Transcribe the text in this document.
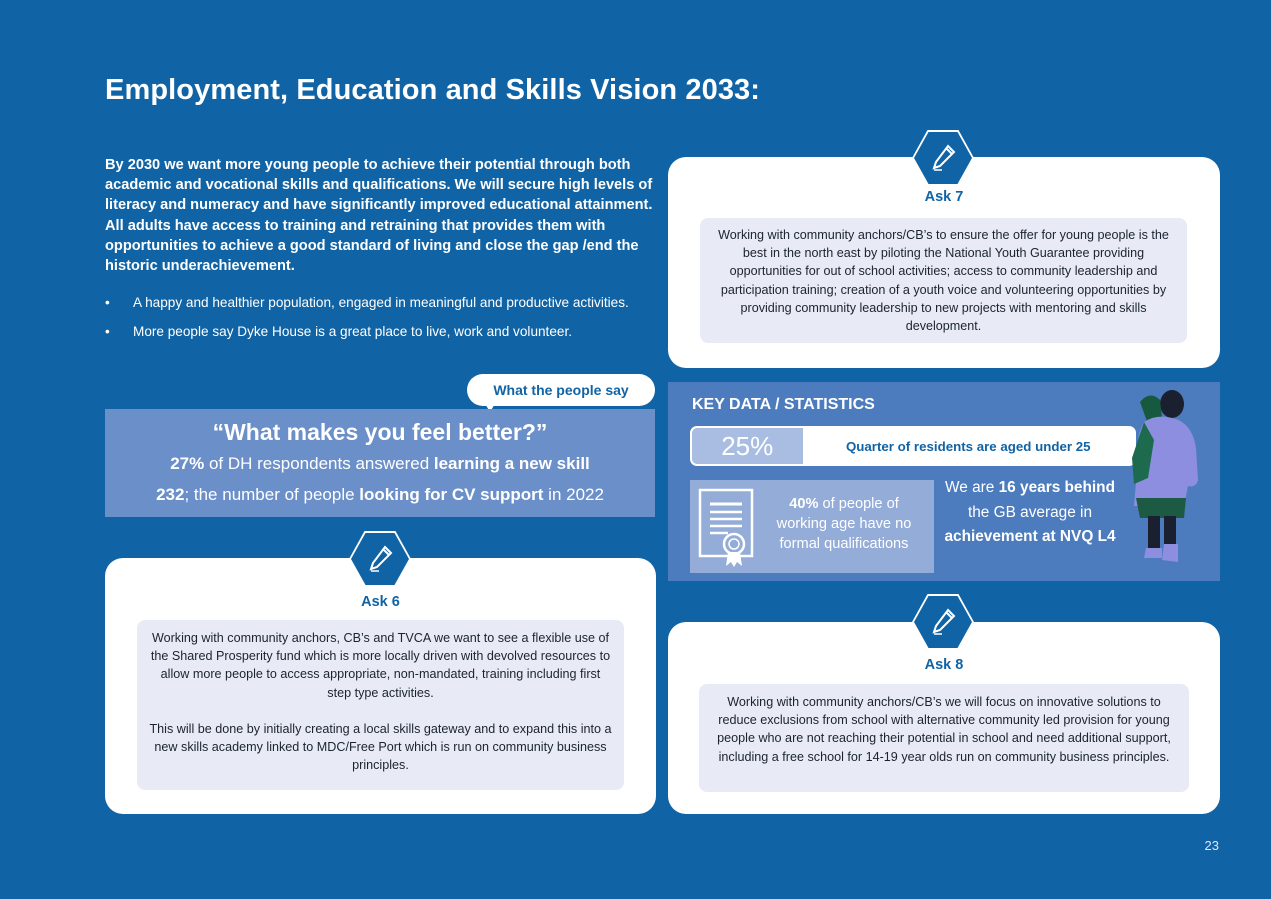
Employment, Education and Skills Vision 2033:

By 2030 we want more young people to achieve their potential through both academic and vocational skills and qualifications. We will secure high levels of literacy and numeracy and have significantly improved educational attainment. All adults have access to training and retraining that provides them with opportunities to achieve a good standard of living and close the gap /end the historic underachievement.

• A happy and healthier population, engaged in meaningful and productive activities.
• More people say Dyke House is a great place to live, work and volunteer.
Ask 7
Working with community anchors/CB’s to ensure the offer for young people is the best in the north east by piloting the National Youth Guarantee providing opportunities for out of school activities; access to community leadership and participation training; creation of a youth voice and volunteering opportunities by providing community leadership to new projects with mentoring and skills development.
What the people say
“What makes you feel better?”
27% of DH respondents answered learning a new skill
232; the number of people looking for CV support in 2022
KEY DATA / STATISTICS
25%	Quarter of residents are aged under 25
40% of people of working age have no formal qualifications
We are 16 years behind the GB average in achievement at NVQ L4
Ask 6
Working with community anchors, CB’s and TVCA we want to see a flexible use of the Shared Prosperity fund which is more locally driven with devolved resources to allow more people to access appropriate, non-mandated, training including first step type activities.
This will be done by initially creating a local skills gateway and to expand this into a new skills academy linked to MDC/Free Port which is run on community business principles.
Ask 8
Working with community anchors/CB’s we will focus on innovative solutions to reduce exclusions from school with alternative community led provision for young people who are not reaching their potential in school and need additional support, including a free school for 14-19 year olds run on community business principles.
23
